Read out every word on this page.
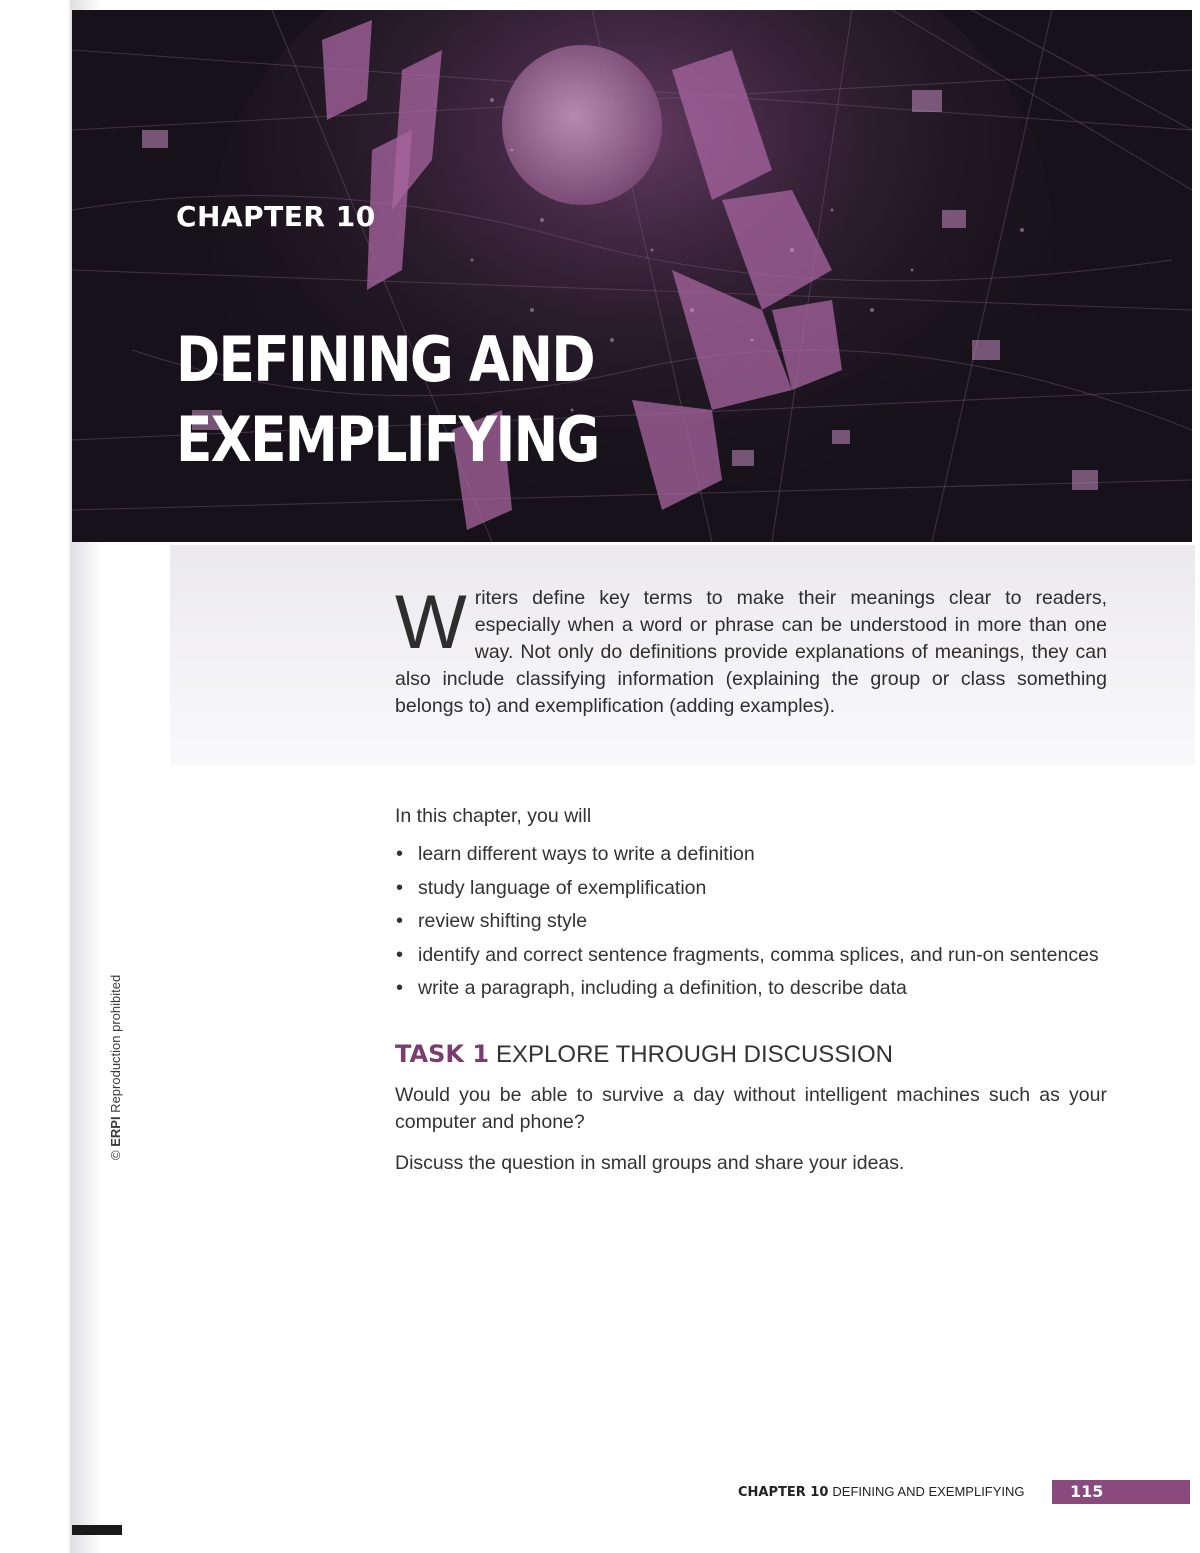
CHAPTER 10
DEFINING AND
EXEMPLIFYING

Writers define key terms to make their meanings clear to readers, especially when a word or phrase can be understood in more than one way. Not only do definitions provide explanations of meanings, they can also include classifying information (explaining the group or class something belongs to) and exemplification (adding examples).

In this chapter, you will

• learn different ways to write a definition
• study language of exemplification
• review shifting style
• identify and correct sentence fragments, comma splices, and run-on sentences
• write a paragraph, including a definition, to describe data
TASK 1 EXPLORE THROUGH DISCUSSION

Would you be able to survive a day without intelligent machines such as your computer and phone?

Discuss the question in small groups and share your ideas.

© ERPI Reproduction prohibited

CHAPTER 10 DEFINING AND EXEMPLIFYING	115
